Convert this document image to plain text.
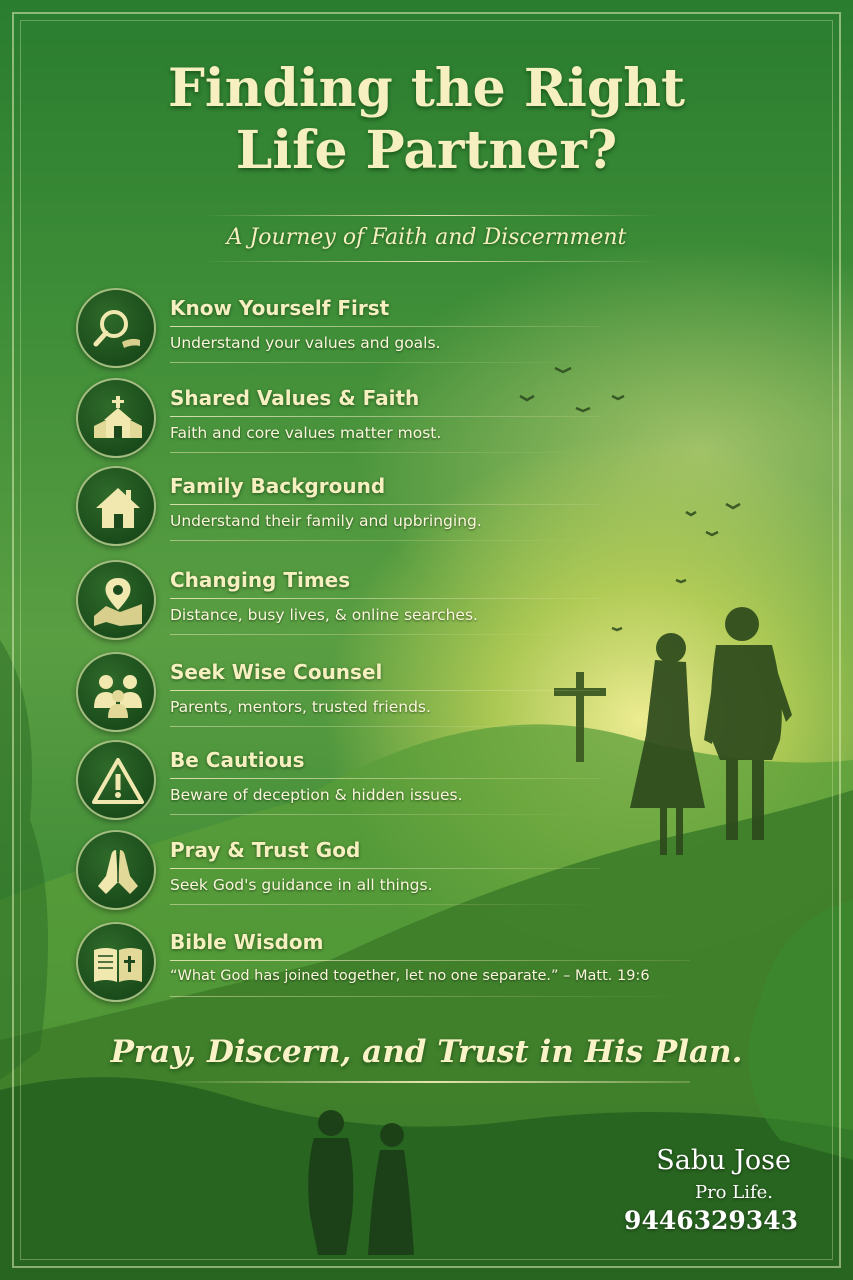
Finding the Right Life Partner?
A Journey of Faith and Discernment
Know Yourself First
Understand your values and goals.
Shared Values & Faith
Faith and core values matter most.
Family Background
Understand their family and upbringing.
Changing Times
Distance, busy lives, & online searches.
Seek Wise Counsel
Parents, mentors, trusted friends.
Be Cautious
Beware of deception & hidden issues.
Pray & Trust God
Seek God's guidance in all things.
Bible Wisdom
“What God has joined together, let no one separate.” – Matt. 19:6
Pray, Discern, and Trust in His Plan.
Sabu Jose
Pro Life.
9446329343
